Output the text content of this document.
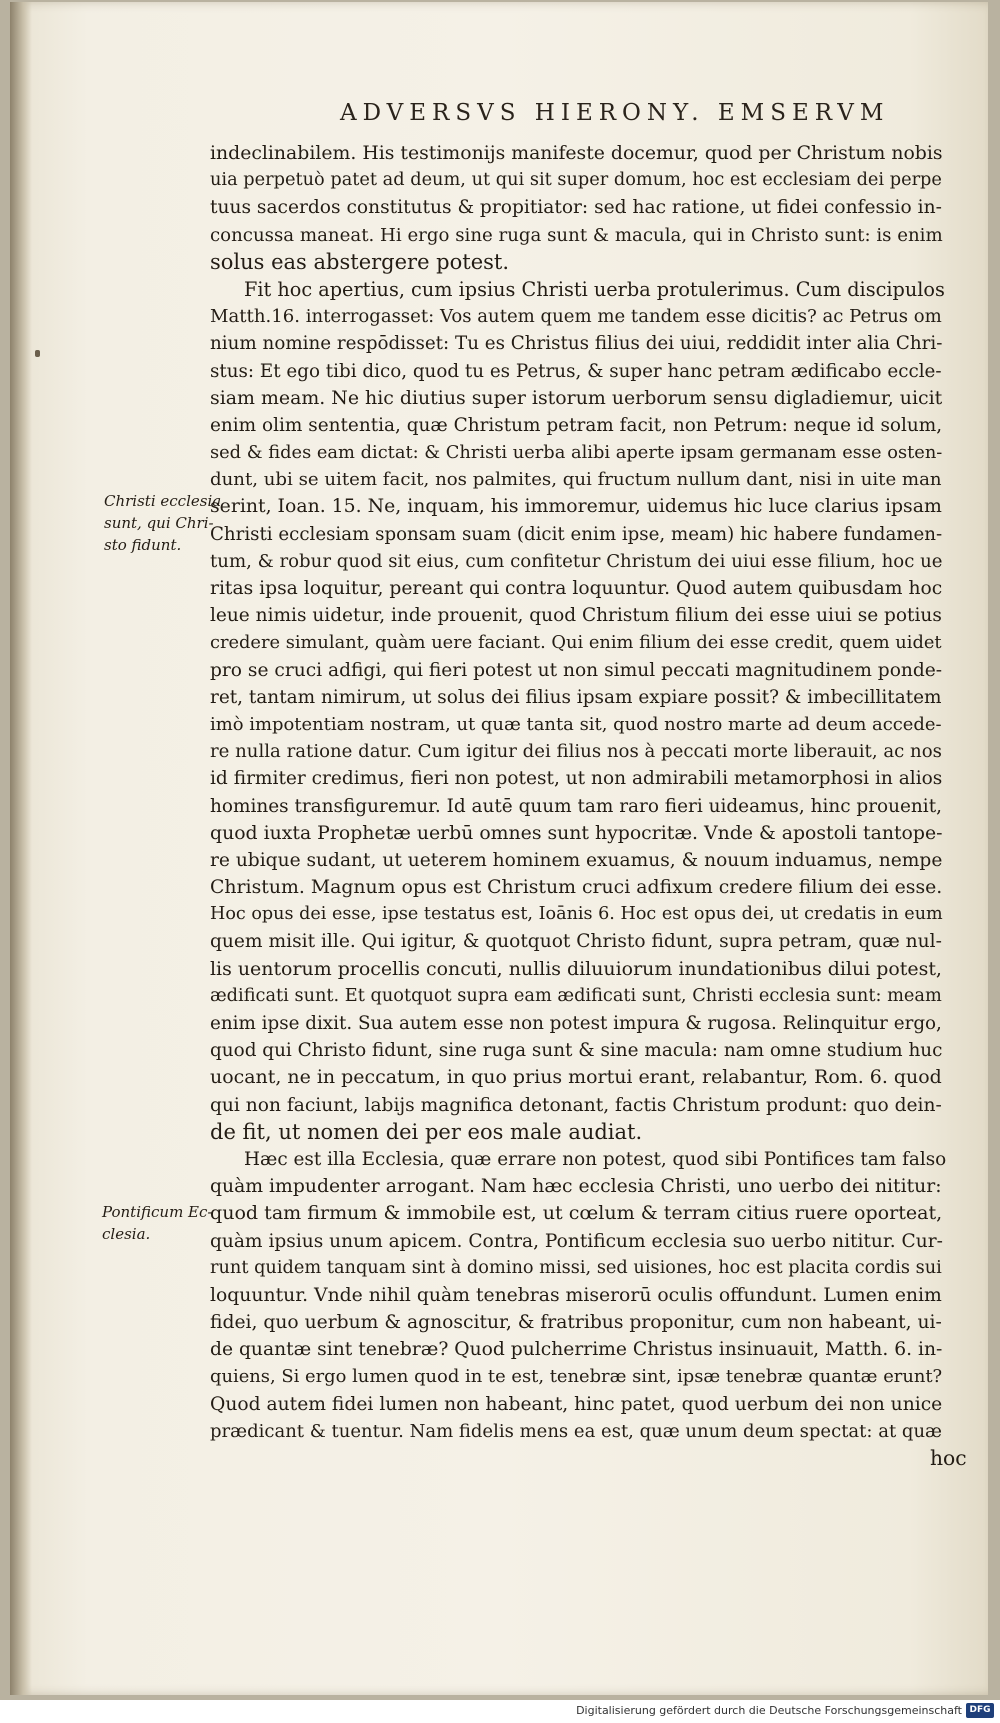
ADVERSVS HIERONY. EMSERVM
Christi ecclesia
sunt, qui Chri-
sto fidunt.
Pontificum Ec-
clesia.
indeclinabilem. His testimonijs manifeste docemur, quod per Christum nobis
uia perpetuò patet ad deum, ut qui sit super domum, hoc est ecclesiam dei perpe
tuus sacerdos constitutus & propitiator: sed hac ratione, ut fidei confessio in-
concussa maneat. Hi ergo sine ruga sunt & macula, qui in Christo sunt: is enim
solus eas abstergere potest.
Fit hoc apertius, cum ipsius Christi uerba protulerimus. Cum discipulos
Matth.16. interrogasset: Vos autem quem me tandem esse dicitis? ac Petrus om
nium nomine respōdisset: Tu es Christus filius dei uiui, reddidit inter alia Chri-
stus: Et ego tibi dico, quod tu es Petrus, & super hanc petram ædificabo eccle-
siam meam. Ne hic diutius super istorum uerborum sensu digladiemur, uicit
enim olim sententia, quæ Christum petram facit, non Petrum: neque id solum,
sed & fides eam dictat: & Christi uerba alibi aperte ipsam germanam esse osten-
dunt, ubi se uitem facit, nos palmites, qui fructum nullum dant, nisi in uite man
serint, Ioan. 15. Ne, inquam, his immoremur, uidemus hic luce clarius ipsam
Christi ecclesiam sponsam suam (dicit enim ipse, meam) hic habere fundamen-
tum, & robur quod sit eius, cum confitetur Christum dei uiui esse filium, hoc ue
ritas ipsa loquitur, pereant qui contra loquuntur. Quod autem quibusdam hoc
leue nimis uidetur, inde prouenit, quod Christum filium dei esse uiui se potius
credere simulant, quàm uere faciant. Qui enim filium dei esse credit, quem uidet
pro se cruci adfigi, qui fieri potest ut non simul peccati magnitudinem ponde-
ret, tantam nimirum, ut solus dei filius ipsam expiare possit? & imbecillitatem
imò impotentiam nostram, ut quæ tanta sit, quod nostro marte ad deum accede-
re nulla ratione datur. Cum igitur dei filius nos à peccati morte liberauit, ac nos
id firmiter credimus, fieri non potest, ut non admirabili metamorphosi in alios
homines transfiguremur. Id autē quum tam raro fieri uideamus, hinc prouenit,
quod iuxta Prophetæ uerbū omnes sunt hypocritæ. Vnde & apostoli tantope-
re ubique sudant, ut ueterem hominem exuamus, & nouum induamus, nempe
Christum. Magnum opus est Christum cruci adfixum credere filium dei esse.
Hoc opus dei esse, ipse testatus est, Ioānis 6. Hoc est opus dei, ut credatis in eum
quem misit ille. Qui igitur, & quotquot Christo fidunt, supra petram, quæ nul-
lis uentorum procellis concuti, nullis diluuiorum inundationibus dilui potest,
ædificati sunt. Et quotquot supra eam ædificati sunt, Christi ecclesia sunt: meam
enim ipse dixit. Sua autem esse non potest impura & rugosa. Relinquitur ergo,
quod qui Christo fidunt, sine ruga sunt & sine macula: nam omne studium huc
uocant, ne in peccatum, in quo prius mortui erant, relabantur, Rom. 6. quod
qui non faciunt, labijs magnifica detonant, factis Christum produnt: quo dein-
de fit, ut nomen dei per eos male audiat.
Hæc est illa Ecclesia, quæ errare non potest, quod sibi Pontifices tam falso
quàm impudenter arrogant. Nam hæc ecclesia Christi, uno uerbo dei nititur:
quod tam firmum & immobile est, ut cœlum & terram citius ruere oporteat,
quàm ipsius unum apicem. Contra, Pontificum ecclesia suo uerbo nititur. Cur-
runt quidem tanquam sint à domino missi, sed uisiones, hoc est placita cordis sui
loquuntur. Vnde nihil quàm tenebras miserorū oculis offundunt. Lumen enim
fidei, quo uerbum & agnoscitur, & fratribus proponitur, cum non habeant, ui-
de quantæ sint tenebræ? Quod pulcherrime Christus insinuauit, Matth. 6. in-
quiens, Si ergo lumen quod in te est, tenebræ sint, ipsæ tenebræ quantæ erunt?
Quod autem fidei lumen non habeant, hinc patet, quod uerbum dei non unice
prædicant & tuentur. Nam fidelis mens ea est, quæ unum deum spectat: at quæ
hoc
Digitalisierung gefördert durch die Deutsche Forschungsgemeinschaft DFG
